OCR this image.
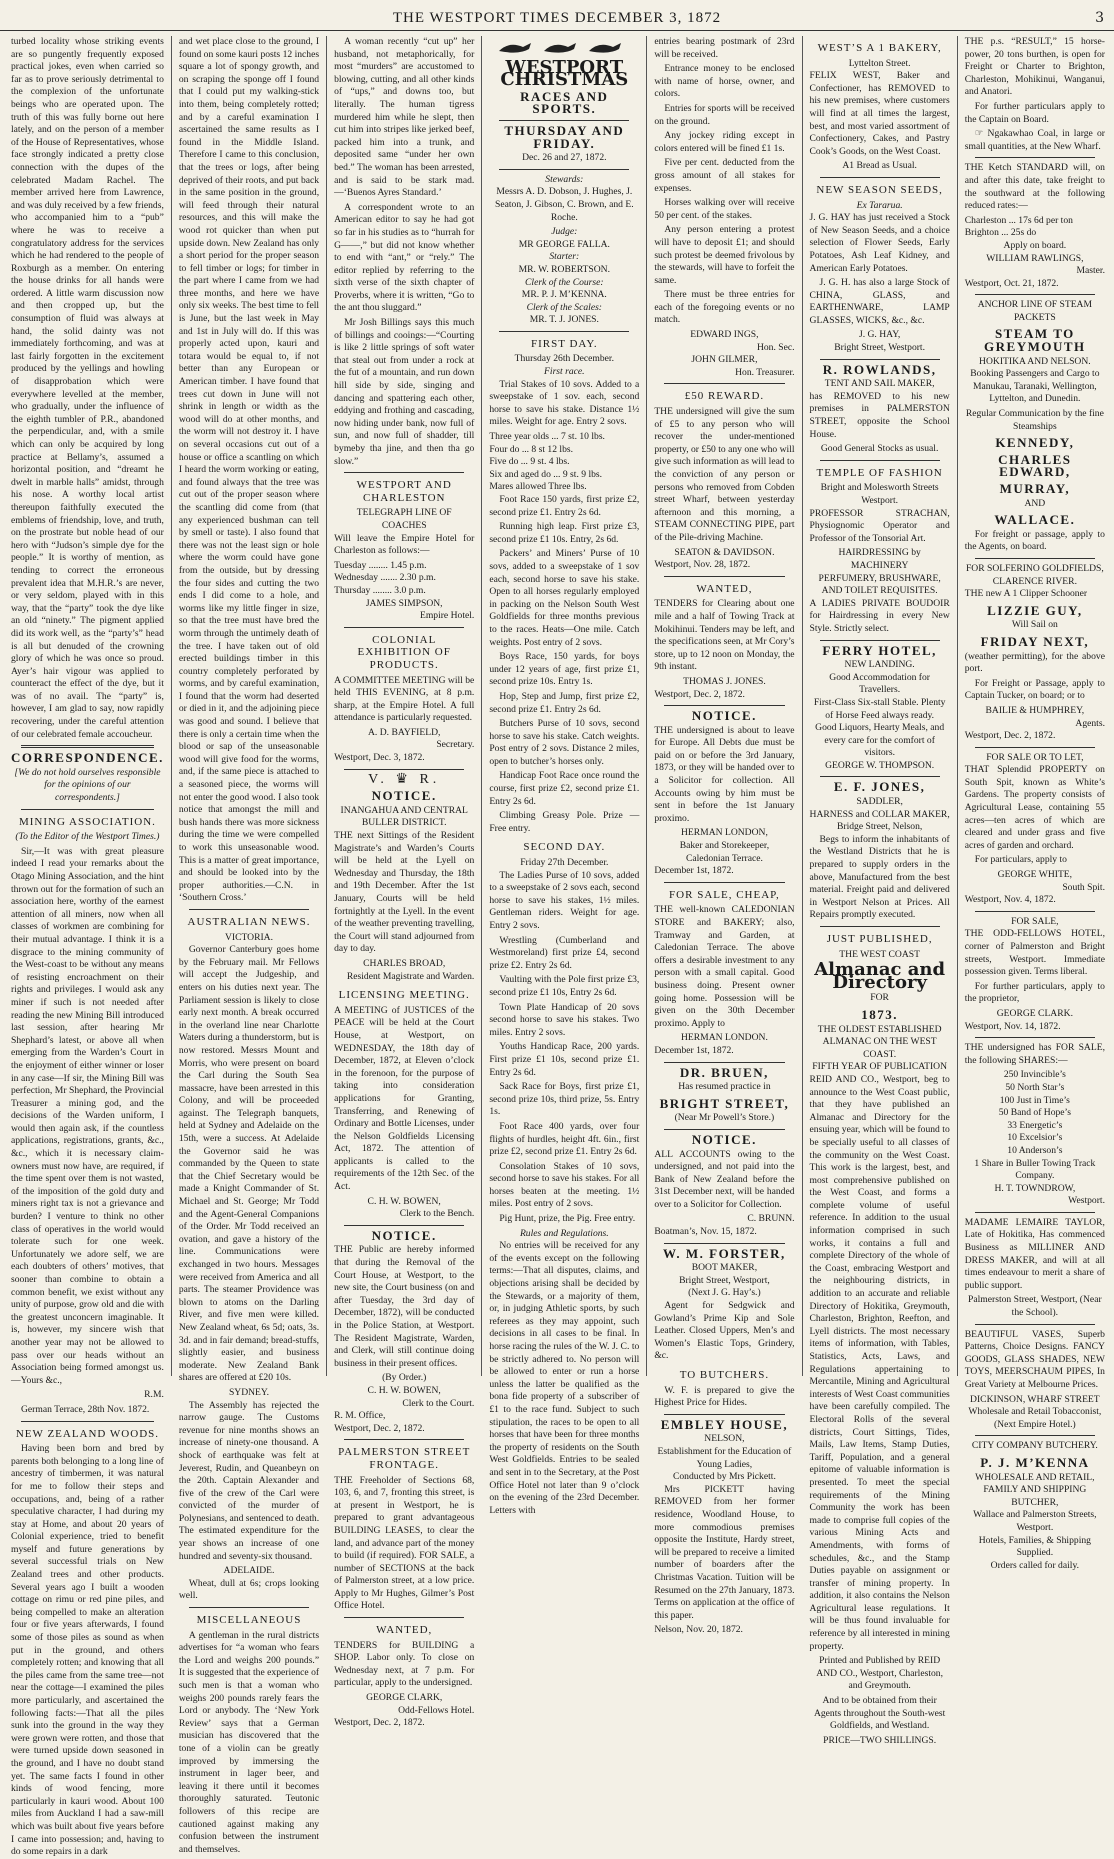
THE WESTPORT TIMES DECEMBER 3, 1872	3

turbed locality whose striking events are so pungently frequently exposed practical jokes, even when carried so far as to prove seriously detrimental to the complexion of the unfortunate beings who are operated upon. The truth of this was fully borne out here lately, and on the person of a member of the House of Representatives, whose face strongly indicated a pretty close connection with the dupes of the celebrated Madam Rachel. The member arrived here from Lawrence, and was duly received by a few friends, who accompanied him to a “pub” where he was to receive a congratulatory address for the services which he had rendered to the people of Roxburgh as a member. On entering the house drinks for all hands were ordered. A little warm discussion now and then cropped up, but the consumption of fluid was always at hand, the solid dainty was not immediately forthcoming, and was at last fairly forgotten in the excitement produced by the yellings and howling of disapprobation which were everywhere levelled at the member, who gradually, under the influence of the eighth tumbler of P.R., abandoned the perpendicular, and, with a smile which can only be acquired by long practice at Bellamy’s, assumed a horizontal position, and “dreamt he dwelt in marble halls” amidst, through his nose. A worthy local artist thereupon faithfully executed the emblems of friendship, love, and truth, on the prostrate but noble head of our hero with “Judson’s simple dye for the people.” It is worthy of mention, as tending to correct the erroneous prevalent idea that M.H.R.’s are never, or very seldom, played with in this way, that the “party” took the dye like an old “ninety.” The pigment applied did its work well, as the “party’s” head is all but denuded of the crowning glory of which he was once so proud. Ayer’s hair vigour was applied to counteract the effect of the dye, but it was of no avail. The “party” is, however, I am glad to say, now rapidly recovering, under the careful attention of our celebrated female accoucheur.

CORRESPONDENCE.

[We do not hold ourselves responsible for the opinions of our correspondents.]

MINING ASSOCIATION.

(To the Editor of the Westport Times.)

Sir,—It was with great pleasure indeed I read your remarks about the Otago Mining Association, and the hint thrown out for the formation of such an association here, worthy of the earnest attention of all miners, now when all classes of workmen are combining for their mutual advantage. I think it is a disgrace to the mining community of the West-coast to be without any means of resisting encroachment on their rights and privileges. I would ask any miner if such is not needed after reading the new Mining Bill introduced last session, after hearing Mr Shephard’s latest, or above all when emerging from the Warden’s Court in the enjoyment of either winner or loser in any case—If sir, the Mining Bill was perfection, Mr Shephard, the Provincial Treasurer a mining god, and the decisions of the Warden uniform, I would then again ask, if the countless applications, registrations, grants, &c., &c., which it is necessary claim-owners must now have, are required, if the time spent over them is not wasted, of the imposition of the gold duty and miners right tax is not a grievance and burden? I venture to think no other class of operatives in the world would tolerate such for one week. Unfortunately we adore self, we are each doubters of others’ motives, that sooner than combine to obtain a common benefit, we exist without any unity of purpose, grow old and die with the greatest unconcern imaginable. It is, however, my sincere wish that another year may not be allowed to pass over our heads without an Association being formed amongst us.—Yours &c.,

R.M.

German Terrace, 28th Nov. 1872.

NEW ZEALAND WOODS.

Having been born and bred by parents both belonging to a long line of ancestry of timbermen, it was natural for me to follow their steps and occupations, and, being of a rather speculative character, I had during my stay at Home, and about 20 years of Colonial experience, tried to benefit myself and future generations by several successful trials on New Zealand trees and other products. Several years ago I built a wooden cottage on rimu or red pine piles, and being compelled to make an alteration four or five years afterwards, I found some of those piles as sound as when put in the ground, and others completely rotten; and knowing that all the piles came from the same tree—not near the cottage—I examined the piles more particularly, and ascertained the following facts:—That all the piles sunk into the ground in the way they were grown were rotten, and those that were turned upside down seasoned in the ground, and I have no doubt stand yet. The same facts I found in other kinds of wood fencing, more particularly in kauri wood. About 100 miles from Auckland I had a saw-mill which was built about five years before I came into possession; and, having to do some repairs in a dark

and wet place close to the ground, I found on some kauri posts 12 inches square a lot of spongy growth, and on scraping the sponge off I found that I could put my walking-stick into them, being completely rotted; and by a careful examination I ascertained the same results as I found in the Middle Island. Therefore I came to this conclusion, that the trees or logs, after being deprived of their roots, and put back in the same position in the ground, will feed through their natural resources, and this will make the wood rot quicker than when put upside down. New Zealand has only a short period for the proper season to fell timber or logs; for timber in the part where I came from we had three months, and here we have only six weeks. The best time to fell is June, but the last week in May and 1st in July will do. If this was properly acted upon, kauri and totara would be equal to, if not better than any European or American timber. I have found that trees cut down in June will not shrink in length or width as the wood will do at other months, and the worm will not destroy it. I have on several occasions cut out of a house or office a scantling on which I heard the worm working or eating, and found always that the tree was cut out of the proper season where the scantling did come from (that any experienced bushman can tell by smell or taste). I also found that there was not the least sign or hole where the worm could have gone from the outside, but by dressing the four sides and cutting the two ends I did come to a hole, and worms like my little finger in size, so that the tree must have bred the worm through the untimely death of the tree. I have taken out of old erected buildings timber in this country completely perforated by worms, and by careful examination, I found that the worm had deserted or died in it, and the adjoining piece was good and sound. I believe that there is only a certain time when the blood or sap of the unseasonable wood will give food for the worms, and, if the same piece is attached to a seasoned piece, the worms will not enter the good wood. I also took notice that amongst the mill and bush hands there was more sickness during the time we were compelled to work this unseasonable wood. This is a matter of great importance, and should be looked into by the proper authorities.—C.N. in ‘Southern Cross.’

AUSTRALIAN NEWS.
VICTORIA.

Governor Canterbury goes home by the February mail. Mr Fellows will accept the Judgeship, and enters on his duties next year. The Parliament session is likely to close early next month. A break occurred in the overland line near Charlotte Waters during a thunderstorm, but is now restored. Messrs Mount and Morris, who were present on board the Carl during the South Sea massacre, have been arrested in this Colony, and will be proceeded against. The Telegraph banquets, held at Sydney and Adelaide on the 15th, were a success. At Adelaide the Governor said he was commanded by the Queen to state that the Chief Secretary would be made a Knight Commander of St. Michael and St. George; Mr Todd and the Agent-General Companions of the Order. Mr Todd received an ovation, and gave a history of the line. Communications were exchanged in two hours. Messages were received from America and all parts. The steamer Providence was blown to atoms on the Darling River, and five men were killed. New Zealand wheat, 6s 5d; oats, 3s. 3d. and in fair demand; bread-stuffs, slightly easier, and business moderate. New Zealand Bank shares are offered at £20 10s.

SYDNEY.

The Assembly has rejected the narrow gauge. The Customs revenue for nine months shows an increase of ninety-one thousand. A shock of earthquake was felt at Jeverest, Rudin, and Queanbeyn on the 20th. Captain Alexander and five of the crew of the Carl were convicted of the murder of Polynesians, and sentenced to death. The estimated expenditure for the year shows an increase of one hundred and seventy-six thousand.

ADELAIDE.

Wheat, dull at 6s; crops looking well.

MISCELLANEOUS

A gentleman in the rural districts advertises for “a woman who fears the Lord and weighs 200 pounds.” It is suggested that the experience of such men is that a woman who weighs 200 pounds rarely fears the Lord or anybody. The ‘New York Review’ says that a German musician has discovered that the tone of a violin can be greatly improved by immersing the instrument in lager beer, and leaving it there until it becomes thoroughly saturated. Teutonic followers of this recipe are cautioned against making any confusion between the instrument and themselves.

A woman recently “cut up” her husband, not metaphorically, for most “murders” are accustomed to blowing, cutting, and all other kinds of “ups,” and downs too, but literally. The human tigress murdered him while he slept, then cut him into stripes like jerked beef, packed him into a trunk, and deposited same “under her own bed.” The woman has been arrested, and is said to be stark mad.—‘Buenos Ayres Standard.’

A correspondent wrote to an American editor to say he had got so far in his studies as to “hurrah for G——,” but did not know whether to end with “ant,” or “rely.” The editor replied by referring to the sixth verse of the sixth chapter of Proverbs, where it is written, “Go to the ant thou sluggard.”

Mr Josh Billings says this much of billings and cooings:—“Courting is like 2 little springs of soft water that steal out from under a rock at the fut of a mountain, and run down hill side by side, singing and dancing and spattering each other, eddying and frothing and cascading, now hiding under bank, now full of sun, and now full of shadder, till bymeby tha jine, and then tha go slow.”

WESTPORT AND CHARLESTON
TELEGRAPH LINE OF COACHES

Will leave the Empire Hotel for Charleston as follows:—

Tuesday ........ 1.45 p.m.
Wednesday ....... 2.30 p.m.
Thursday ........ 3.0 p.m.
JAMES SIMPSON,
Empire Hotel.
COLONIAL EXHIBITION OF PRODUCTS.

A COMMITTEE MEETING will be held THIS EVENING, at 8 p.m. sharp, at the Empire Hotel. A full attendance is particularly requested.

A. D. BAYFIELD,
Secretary.
Westport, Dec. 3, 1872.
V. ♛ R.
NOTICE.
INANGAHUA AND CENTRAL BULLER DISTRICT.

THE next Sittings of the Resident Magistrate’s and Warden’s Courts will be held at the Lyell on Wednesday and Thursday, the 18th and 19th December. After the 1st January, Courts will be held fortnightly at the Lyell. In the event of the weather preventing travelling, the Court will stand adjourned from day to day.

CHARLES BROAD,
Resident Magistrate and Warden.
LICENSING MEETING.

A MEETING of JUSTICES of the PEACE will be held at the Court House, at Westport, on WEDNESDAY, the 18th day of December, 1872, at Eleven o’clock in the forenoon, for the purpose of taking into consideration applications for Granting, Transferring, and Renewing of Ordinary and Bottle Licenses, under the Nelson Goldfields Licensing Act, 1872. The attention of applicants is called to the requirements of the 12th Sec. of the Act.

C. H. W. BOWEN,
Clerk to the Bench.
NOTICE.

THE Public are hereby informed that during the Removal of the Court House, at Westport, to the new site, the Court business (on and after Tuesday, the 3rd day of December, 1872), will be conducted in the Police Station, at Westport. The Resident Magistrate, Warden, and Clerk, will still continue doing business in their present offices.

(By Order.)
C. H. W. BOWEN,
Clerk to the Court.
R. M. Office,
Westport, Dec. 2, 1872.
PALMERSTON STREET FRONTAGE.

THE Freeholder of Sections 68, 103, 6, and 7, fronting this street, is at present in Westport, he is prepared to grant advantageous BUILDING LEASES, to clear the land, and advance part of the money to build (if required). FOR SALE, a number of SECTIONS at the back of Palmerston street, at a low price. Apply to Mr Hughes, Gilmer’s Post Office Hotel.

WANTED,

TENDERS for BUILDING a SHOP. Labor only. To close on Wednesday next, at 7 p.m. For particular, apply to the undersigned.

GEORGE CLARK,
Odd-Fellows Hotel.
Westport, Dec. 2, 1872.
WESTPORT CHRISTMAS
RACES AND SPORTS.
THURSDAY AND FRIDAY.
Dec. 26 and 27, 1872.
Stewards:

Messrs A. D. Dobson, J. Hughes, J. Seaton, J. Gibson, C. Brown, and E. Roche.

Judge:
MR GEORGE FALLA.
Starter:
MR. W. ROBERTSON.
Clerk of the Course:
MR. P. J. M’KENNA.
Clerk of the Scales:
MR. T. J. JONES.
FIRST DAY.
Thursday 26th December.
First race.

Trial Stakes of 10 sovs. Added to a sweepstake of 1 sov. each, second horse to save his stake. Distance 1½ miles. Weight for age. Entry 2 sovs.

Three year olds ... 7 st. 10 lbs.
Four do ... 8 st 12 lbs.
Five do ... 9 st. 4 lbs.
Six and aged do ... 9 st. 9 lbs.
Mares allowed Three lbs.

Foot Race 150 yards, first prize £2, second prize £1. Entry 2s 6d.

Running high leap. First prize £3, second prize £1 10s. Entry, 2s 6d.

Packers’ and Miners’ Purse of 10 sovs, added to a sweepstake of 1 sov each, second horse to save his stake. Open to all horses regularly employed in packing on the Nelson South West Goldfields for three months previous to the races. Heats—One mile. Catch weights. Post entry of 2 sovs.

Boys Race, 150 yards, for boys under 12 years of age, first prize £1, second prize 10s. Entry 1s.

Hop, Step and Jump, first prize £2, second prize £1. Entry 2s 6d.

Butchers Purse of 10 sovs, second horse to save his stake. Catch weights. Post entry of 2 sovs. Distance 2 miles, open to butcher’s horses only.

Handicap Foot Race once round the course, first prize £2, second prize £1. Entry 2s 6d.

Climbing Greasy Pole. Prize — Free entry.

SECOND DAY.
Friday 27th December.

The Ladies Purse of 10 sovs, added to a sweepstake of 2 sovs each, second horse to save his stakes, 1½ miles. Gentleman riders. Weight for age. Entry 2 sovs.

Wrestling (Cumberland and Westmoreland) first prize £4, second prize £2. Entry 2s 6d.

Vaulting with the Pole first prize £3, second prize £1 10s, Entry 2s 6d.

Town Plate Handicap of 20 sovs second horse to save his stakes. Two miles. Entry 2 sovs.

Youths Handicap Race, 200 yards. First prize £1 10s, second prize £1. Entry 2s 6d.

Sack Race for Boys, first prize £1, second prize 10s, third prize, 5s. Entry 1s.

Foot Race 400 yards, over four flights of hurdles, height 4ft. 6in., first prize £2, second prize £1. Entry 2s 6d.

Consolation Stakes of 10 sovs, second horse to save his stakes. For all horses beaten at the meeting. 1½ miles. Post entry of 2 sovs.

Pig Hunt, prize, the Pig. Free entry.

Rules and Regulations.

No entries will be received for any of the events except on the following terms:—That all disputes, claims, and objections arising shall be decided by the Stewards, or a majority of them, or, in judging Athletic sports, by such referees as they may appoint, such decisions in all cases to be final. In horse racing the rules of the W. J. C. to be strictly adhered to. No person will be allowed to enter or run a horse unless the latter be qualified as the bona fide property of a subscriber of £1 to the race fund. Subject to such stipulation, the races to be open to all horses that have been for three months the property of residents on the South West Goldfields. Entries to be sealed and sent in to the Secretary, at the Post Office Hotel not later than 9 o’clock on the evening of the 23rd December. Letters with

entries bearing postmark of 23rd will be received.

Entrance money to be enclosed with name of horse, owner, and colors.

Entries for sports will be received on the ground.

Any jockey riding except in colors entered will be fined £1 1s.

Five per cent. deducted from the gross amount of all stakes for expenses.

Horses walking over will receive 50 per cent. of the stakes.

Any person entering a protest will have to deposit £1; and should such protest be deemed frivolous by the stewards, will have to forfeit the same.

There must be three entries for each of the foregoing events or no match.

EDWARD INGS,
Hon. Sec.
JOHN GILMER,
Hon. Treasurer.
£50 REWARD.

THE undersigned will give the sum of £5 to any person who will recover the under-mentioned property, or £50 to any one who will give such information as will lead to the conviction of any person or persons who removed from Cobden street Wharf, between yesterday afternoon and this morning, a STEAM CONNECTING PIPE, part of the Pile-driving Machine.

SEATON & DAVIDSON.
Westport, Nov. 28, 1872.
WANTED,

TENDERS for Clearing about one mile and a half of Towing Track at Mokihinui. Tenders may be left, and the specifications seen, at Mr Cory’s store, up to 12 noon on Monday, the 9th instant.

THOMAS J. JONES.
Westport, Dec. 2, 1872.
NOTICE.

THE undersigned is about to leave for Europe. All Debts due must be paid on or before the 3rd January, 1873, or they will be handed over to a Solicitor for collection. All Accounts owing by him must be sent in before the 1st January proximo.

HERMAN LONDON,
Baker and Storekeeper,
Caledonian Terrace.
December 1st, 1872.
FOR SALE, CHEAP,

THE well-known CALEDONIAN STORE and BAKERY; also, Tramway and Garden, at Caledonian Terrace. The above offers a desirable investment to any person with a small capital. Good business doing. Present owner going home. Possession will be given on the 30th December proximo. Apply to

HERMAN LONDON.
December 1st, 1872.
DR. BRUEN,
Has resumed practice in
BRIGHT STREET,
(Near Mr Powell’s Store.)
NOTICE.

ALL ACCOUNTS owing to the undersigned, and not paid into the Bank of New Zealand before the 31st December next, will be handed over to a Solicitor for Collection.

C. BRUNN.
Boatman’s, Nov. 15, 1872.
W. M. FORSTER,
BOOT MAKER,
Bright Street, Westport,
(Next J. G. Hay’s.)

Agent for Sedgwick and Gowland’s Prime Kip and Sole Leather. Closed Uppers, Men’s and Women’s Elastic Tops, Grindery, &c.

TO BUTCHERS.

W. F. is prepared to give the Highest Price for Hides.

EMBLEY HOUSE,
NELSON,
Establishment for the Education of
Young Ladies,
Conducted by Mrs Pickett.

Mrs PICKETT having REMOVED from her former residence, Woodland House, to more commodious premises opposite the Institute, Hardy street, will be prepared to receive a limited number of boarders after the Christmas Vacation. Tuition will be Resumed on the 27th January, 1873. Terms on application at the office of this paper.

Nelson, Nov. 20, 1872.
WEST’S A 1 BAKERY,
Lyttelton Street.

FELIX WEST, Baker and Confectioner, has REMOVED to his new premises, where customers will find at all times the largest, best, and most varied assortment of Confectionery, Cakes, and Pastry Cook’s Goods, on the West Coast.

A1 Bread as Usual.
NEW SEASON SEEDS,
Ex Tararua.

J. G. HAY has just received a Stock of New Season Seeds, and a choice selection of Flower Seeds, Early Potatoes, Ash Leaf Kidney, and American Early Potatoes.

J. G. H. has also a large Stock of CHINA, GLASS, and EARTHENWARE, LAMP GLASSES, WICKS, &c., &c.

J. G. HAY,
Bright Street, Westport.
R. ROWLANDS,
TENT AND SAIL MAKER,

has REMOVED to his new premises in PALMERSTON STREET, opposite the School House.

Good General Stocks as usual.
TEMPLE OF FASHION
Bright and Molesworth Streets Westport.

PROFESSOR STRACHAN, Physiognomic Operator and Professor of the Tonsorial Art.

HAIRDRESSING by MACHINERY
PERFUMERY, BRUSHWARE, AND TOILET REQUISITES.

A LADIES PRIVATE BOUDOIR for Hairdressing in every New Style. Strictly select.

FERRY HOTEL,
NEW LANDING.
Good Accommodation for Travellers.
First-Class Six-stall Stable. Plenty of Horse Feed always ready.
Good Liquors, Hearty Meals, and every care for the comfort of visitors.
GEORGE W. THOMPSON.
E. F. JONES,
SADDLER,
HARNESS and COLLAR MAKER,
Bridge Street, Nelson,

Begs to inform the inhabitants of the Westland Districts that he is prepared to supply orders in the above, Manufactured from the best material. Freight paid and delivered in Westport Nelson at Prices. All Repairs promptly executed.

JUST PUBLISHED,
THE WEST COAST
Almanac and Directory
FOR
1873.
THE OLDEST ESTABLISHED ALMANAC ON THE WEST COAST.
FIFTH YEAR OF PUBLICATION

REID AND CO., Westport, beg to announce to the West Coast public, that they have published an Almanac and Directory for the ensuing year, which will be found to be specially useful to all classes of the community on the West Coast. This work is the largest, best, and most comprehensive published on the West Coast, and forms a complete volume of useful reference. In addition to the usual information comprised in such works, it contains a full and complete Directory of the whole of the Coast, embracing Westport and the neighbouring districts, in addition to an accurate and reliable Directory of Hokitika, Greymouth, Charleston, Brighton, Reefton, and Lyell districts. The most necessary items of information, with Tables, Statistics, Acts, Laws, and Regulations appertaining to Mercantile, Mining and Agricultural interests of West Coast communities have been carefully compiled. The Electoral Rolls of the several districts, Court Sittings, Tides, Mails, Law Items, Stamp Duties, Tariff, Population, and a general epitome of valuable information is presented. To meet the special requirements of the Mining Community the work has been made to comprise full copies of the various Mining Acts and Amendments, with forms of schedules, &c., and the Stamp Duties payable on assignment or transfer of mining property. In addition, it also contains the Nelson Agricultural lease regulations. It will be thus found invaluable for reference by all interested in mining property.

Printed and Published by REID AND CO., Westport, Charleston, and Greymouth.

And to be obtained from their Agents throughout the South-west Goldfields, and Westland.

PRICE—TWO SHILLINGS.

THE p.s. “RESULT,” 15 horse-power, 20 tons burthen, is open for Freight or Charter to Brighton, Charleston, Mohikinui, Wanganui, and Anatori.

For further particulars apply to the Captain on Board.

☞ Ngakawhao Coal, in large or small quantities, at the New Wharf.

THE Ketch STANDARD will, on and after this date, take freight to the southward at the following reduced rates:—

Charleston ... 17s 6d per ton
Brighton ... 25s do
Apply on board.
WILLIAM RAWLINGS,
Master.
Westport, Oct. 21, 1872.
ANCHOR LINE OF STEAM PACKETS
STEAM TO GREYMOUTH
HOKITIKA AND NELSON.

Booking Passengers and Cargo to Manukau, Taranaki, Wellington, Lyttelton, and Dunedin.

Regular Communication by the fine Steamships

KENNEDY,
CHARLES EDWARD,
MURRAY,
AND
WALLACE.

For freight or passage, apply to the Agents, on board.

FOR SOLFERINO GOLDFIELDS, CLARENCE RIVER.

THE new A 1 Clipper Schooner

LIZZIE GUY,
Will Sail on
FRIDAY NEXT,

(weather permitting), for the above port.

For Freight or Passage, apply to Captain Tucker, on board; or to

BAILIE & HUMPHREY,
Agents.
Westport, Dec. 2, 1872.
FOR SALE OR TO LET,

THAT Splendid PROPERTY on South Spit, known as White’s Gardens. The property consists of Agricultural Lease, containing 55 acres—ten acres of which are cleared and under grass and five acres of garden and orchard.

For particulars, apply to

GEORGE WHITE,
South Spit.
Westport, Nov. 4, 1872.
FOR SALE,

THE ODD-FELLOWS HOTEL, corner of Palmerston and Bright streets, Westport. Immediate possession given. Terms liberal.

For further particulars, apply to the proprietor,

GEORGE CLARK.
Westport, Nov. 14, 1872.

THE undersigned has FOR SALE, the following SHARES:—

250 Invincible’s
50 North Star’s
100 Just in Time’s
50 Band of Hope’s
33 Energetic’s
10 Excelsior’s
10 Anderson’s
1 Share in Buller Towing Track Company.
H. T. TOWNDROW,
Westport.

MADAME LEMAIRE TAYLOR, Late of Hokitika, Has commenced Business as MILLINER AND DRESS MAKER, and will at all times endeavour to merit a share of public support.

Palmerston Street, Westport, (Near the School).

BEAUTIFUL VASES, Superb Patterns, Choice Designs. FANCY GOODS, GLASS SHADES, NEW TOYS, MEERSCHAUM PIPES, In Great Variety at Melbourne Prices.

DICKINSON, WHARF STREET
Wholesale and Retail Tobacconist, (Next Empire Hotel.)
CITY COMPANY BUTCHERY.
P. J. M’KENNA
WHOLESALE AND RETAIL,
FAMILY AND SHIPPING
BUTCHER,
Wallace and Palmerston Streets, Westport.
Hotels, Families, & Shipping Supplied.
Orders called for daily.
